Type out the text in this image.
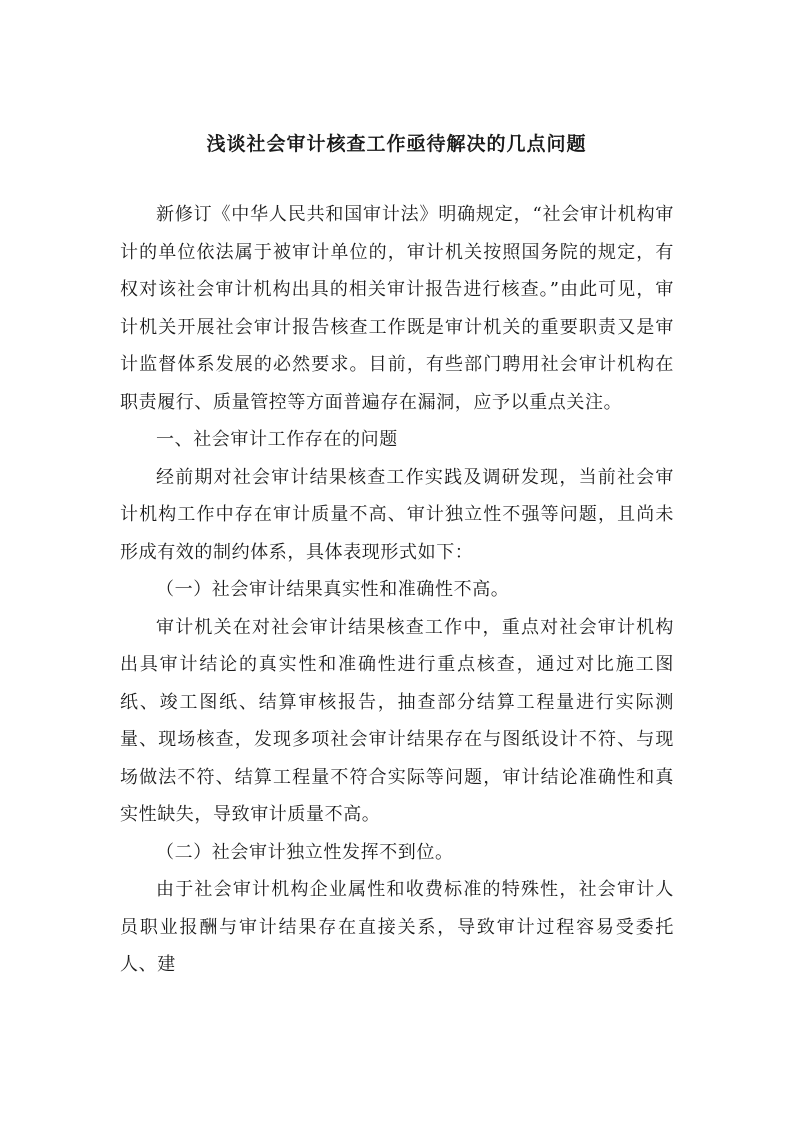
浅谈社会审计核查工作亟待解决的几点问题

新修订《中华人民共和国审计法》明确规定，“社会审计机构审计的单位依法属于被审计单位的，审计机关按照国务院的规定，有权对该社会审计机构出具的相关审计报告进行核查。”由此可见，审计机关开展社会审计报告核查工作既是审计机关的重要职责又是审计监督体系发展的必然要求。目前，有些部门聘用社会审计机构在职责履行、质量管控等方面普遍存在漏洞，应予以重点关注。

一、社会审计工作存在的问题

经前期对社会审计结果核查工作实践及调研发现，当前社会审计机构工作中存在审计质量不高、审计独立性不强等问题，且尚未形成有效的制约体系，具体表现形式如下：

（一）社会审计结果真实性和准确性不高。

审计机关在对社会审计结果核查工作中，重点对社会审计机构出具审计结论的真实性和准确性进行重点核查，通过对比施工图纸、竣工图纸、结算审核报告，抽查部分结算工程量进行实际测量、现场核查，发现多项社会审计结果存在与图纸设计不符、与现场做法不符、结算工程量不符合实际等问题，审计结论准确性和真实性缺失，导致审计质量不高。

（二）社会审计独立性发挥不到位。

由于社会审计机构企业属性和收费标准的特殊性，社会审计人员职业报酬与审计结果存在直接关系，导致审计过程容易受委托人、建
